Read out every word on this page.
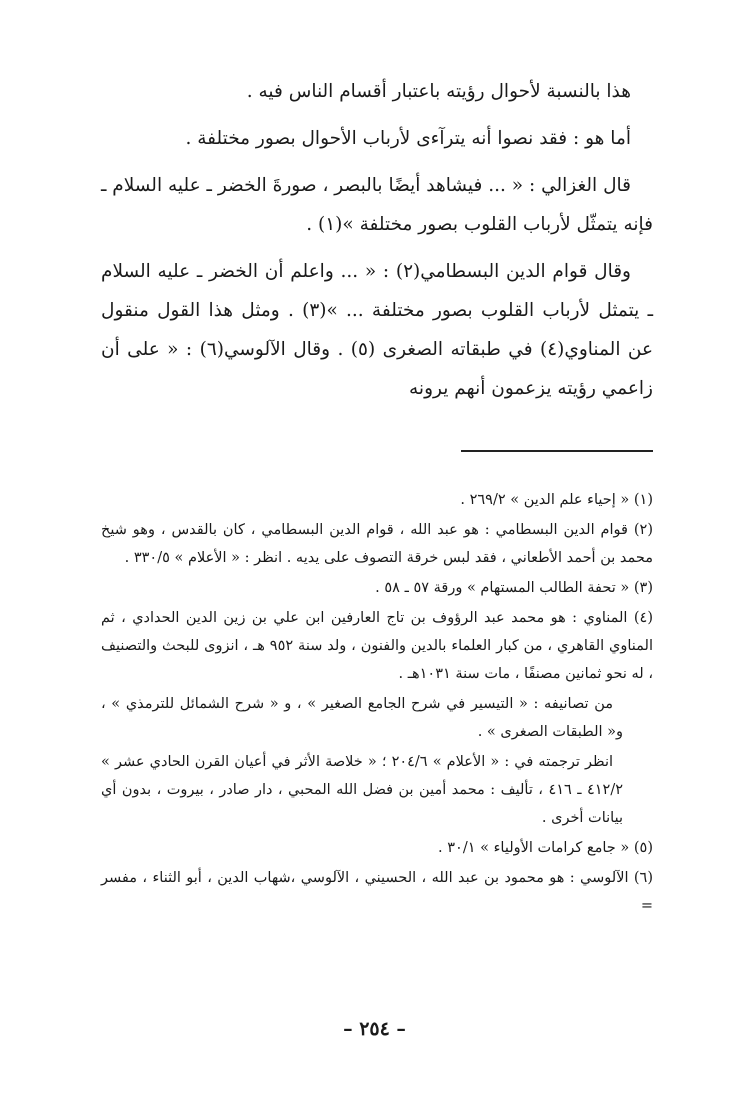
هذا بالنسبة لأحوال رؤيته باعتبار أقسام الناس فيه .

أما هو : فقد نصوا أنه يترآءى لأرباب الأحوال بصور مختلفة .

قال الغزالي : « ... فيشاهد أيضًا بالبصر ، صورةَ الخضر ـ عليه السلام ـ فإنه يتمثّل لأرباب القلوب بصور مختلفة »(١) .

وقال قوام الدين البسطامي(٢) : « ... واعلم أن الخضر ـ عليه السلام ـ يتمثل لأرباب القلوب بصور مختلفة ... »(٣) . ومثل هذا القول منقول عن المناوي(٤) في طبقاته الصغرى (٥) . وقال الآلوسي(٦) : « على أن زاعمي رؤيته يزعمون أنهم يرونه

(١) « إحياء علم الدين » ٢٦٩/٢ .

(٢) قوام الدين البسطامي : هو عبد الله ، قوام الدين البسطامي ، كان بالقدس ، وهو شيخ محمد بن أحمد الأطعاني ، فقد لبس خرقة التصوف على يديه . انظر : « الأعلام » ٣٣٠/٥ .

(٣) « تحفة الطالب المستهام » ورقة ٥٧ ـ ٥٨ .

(٤) المناوي : هو محمد عبد الرؤوف بن تاج العارفين ابن علي بن زين الدين الحدادي ، ثم المناوي القاهري ، من كبار العلماء بالدين والفنون ، ولد سنة ٩٥٢ هـ ، انزوى للبحث والتصنيف ، له نحو ثمانين مصنفًا ، مات سنة ١٠٣١هـ .

من تصانيفه : « التيسير في شرح الجامع الصغير » ، و « شرح الشمائل للترمذي » ، و« الطبقات الصغرى » .

انظر ترجمته في : « الأعلام » ٢٠٤/٦ ؛ « خلاصة الأثر في أعيان القرن الحادي عشر » ٤١٢/٢ ـ ٤١٦ ، تأليف : محمد أمين بن فضل الله المحبي ، دار صادر ، بيروت ، بدون أي بيانات أخرى .

(٥) « جامع كرامات الأولياء » ٣٠/١ .

(٦) الآلوسي : هو محمود بن عبد الله ، الحسيني ، الآلوسي ،شهاب الدين ، أبو الثناء ، مفسر =

– ٢٥٤ –
